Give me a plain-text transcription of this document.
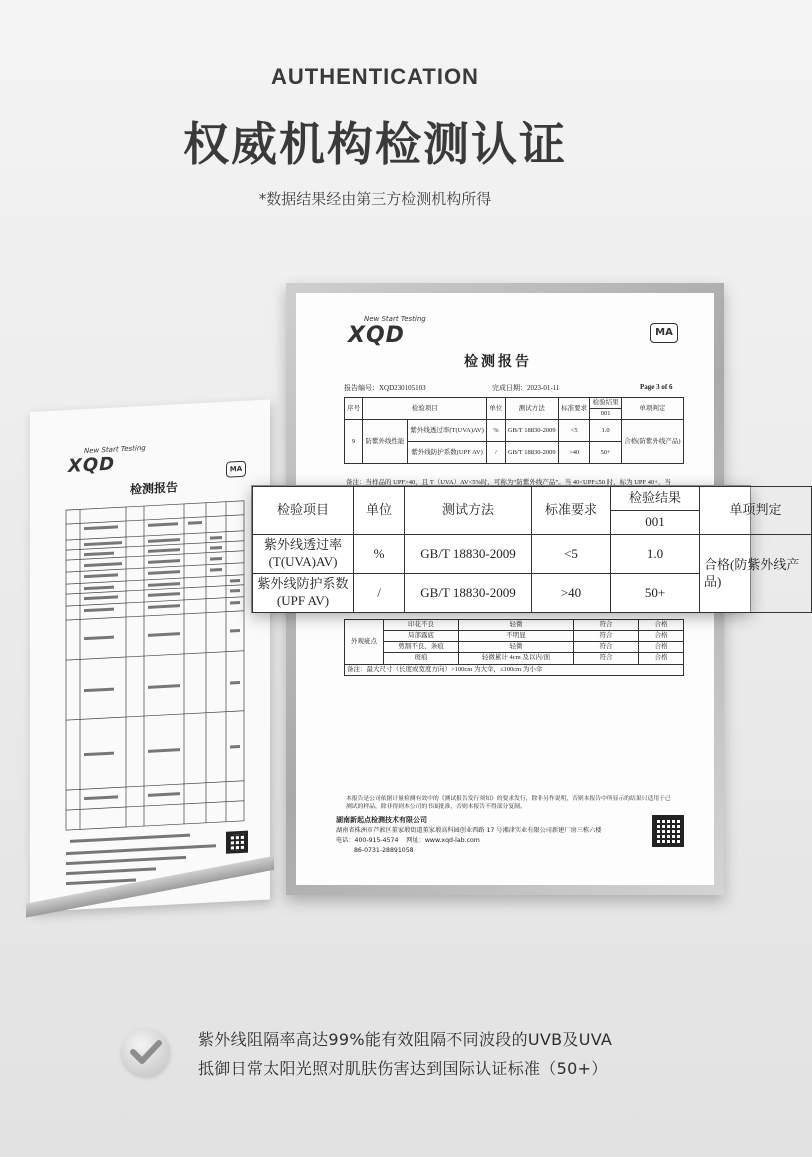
AUTHENTICATION
权威机构检测认证
*数据结果经由第三方检测机构所得
New Start Testing
XQD	MA
检测报告
New Start Testing
XQD	MA
检测报告
报告编号：XQD230105103	完成日期：2023-01-11	Page 3 of 6
序号	检验项目		单位	测试方法	标准要求	检验结果	单项判定
						001	
9	防紫外线性能	紫外线透过率(T(UVA)AV)	%	GB/T 18830-2009	<5	1.0	合格(防紫外线产品)
		紫外线防护系数(UPF AV)	/	GB/T 18830-2009	>40	50+	
备注：当样品的 UPF>40，且 T（UVA）AV<5%时，可称为“防紫外线产品”。当 40<UPF≤50 时，标为 UPF 40+，当
外观疵点	印花不良	轻微	符合	合格
	局部露底	不明显	符合	合格
	剪割不良、条痕	轻微	符合	合格
	斑痕	轻微累计 4cm 及以内/面	符合	合格
备注：最大尺寸（长度或宽度方向）>100cm 为大伞，≤100cm 为小伞				
本报告是公司依据计量检测有效中的《测试报告发行须知》的要求发行，除非另作说明，否则本报告中所显示的结果只适用于已测试的样品，除非得到本公司的书面批准，否则本报告不得部分复制。
湖南新起点检测技术有限公司
湖南省株洲市芦淞区董家塅街道董家塅高科园创业西路 17 号湘津实业有限公司新建厂房三栋六楼
电话：400-915-4574 网址：www.xqd-lab.com
86-0731-28891058
检验项目	单位	测试方法	标准要求	检验结果	单项判定
				001	
紫外线透过率(T(UVA)AV)	%	GB/T 18830-2009	<5	1.0	合格(防紫外线产品)
紫外线防护系数(UPF AV)	/	GB/T 18830-2009	>40	50+	
紫外线阻隔率高达99%能有效阻隔不同波段的UVB及UVA
抵御日常太阳光照对肌肤伤害达到国际认证标准（50+）
